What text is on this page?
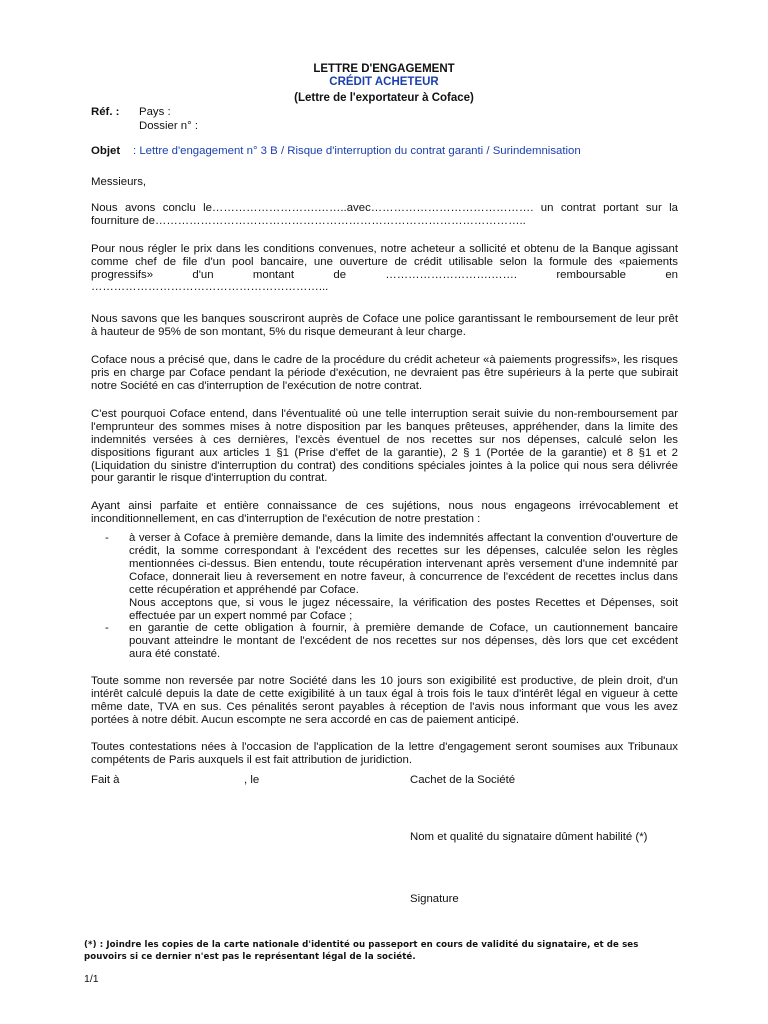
LETTRE D'ENGAGEMENT
CRÉDIT ACHETEUR
(Lettre de l'exportateur à Coface)
Réf. : Pays :
Dossier n° :
Objet : Lettre d'engagement n° 3 B / Risque d'interruption du contrat garanti / Surindemnisation

Messieurs,

Nous avons conclu le……………………….……..avec……………………………………. un contrat portant sur la fourniture de……………………………………………………………………………………..

Pour nous régler le prix dans les conditions convenues, notre acheteur a sollicité et obtenu de la Banque agissant comme chef de file d'un pool bancaire, une ouverture de crédit utilisable selon la formule des «paiements progressifs» d'un montant de ……………………….……. remboursable en ……………………………………………………...

Nous savons que les banques souscriront auprès de Coface une police garantissant le remboursement de leur prêt à hauteur de 95% de son montant, 5% du risque demeurant à leur charge.

Coface nous a précisé que, dans le cadre de la procédure du crédit acheteur «à paiements progressifs», les risques pris en charge par Coface pendant la période d'exécution, ne devraient pas être supérieurs à la perte que subirait notre Société en cas d'interruption de l'exécution de notre contrat.

C'est pourquoi Coface entend, dans l'éventualité où une telle interruption serait suivie du non-remboursement par l'emprunteur des sommes mises à notre disposition par les banques prêteuses, appréhender, dans la limite des indemnités versées à ces dernières, l'excès éventuel de nos recettes sur nos dépenses, calculé selon les dispositions figurant aux articles 1 §1 (Prise d'effet de la garantie), 2 § 1 (Portée de la garantie) et 8 §1 et 2 (Liquidation du sinistre d'interruption du contrat) des conditions spéciales jointes à la police qui nous sera délivrée pour garantir le risque d'interruption du contrat.

Ayant ainsi parfaite et entière connaissance de ces sujétions, nous nous engageons irrévocablement et inconditionnellement, en cas d'interruption de l'exécution de notre prestation :

- à verser à Coface à première demande, dans la limite des indemnités affectant la convention d'ouverture de crédit, la somme correspondant à l'excédent des recettes sur les dépenses, calculée selon les règles mentionnées ci-dessus. Bien entendu, toute récupération intervenant après versement d'une indemnité par Coface, donnerait lieu à reversement en notre faveur, à concurrence de l'excédent de recettes inclus dans cette récupération et appréhendé par Coface.
Nous acceptons que, si vous le jugez nécessaire, la vérification des postes Recettes et Dépenses, soit effectuée par un expert nommé par Coface ;
- en garantie de cette obligation à fournir, à première demande de Coface, un cautionnement bancaire pouvant atteindre le montant de l'excédent de nos recettes sur nos dépenses, dès lors que cet excédent aura été constaté.

Toute somme non reversée par notre Société dans les 10 jours son exigibilité est productive, de plein droit, d'un intérêt calculé depuis la date de cette exigibilité à un taux égal à trois fois le taux d'intérêt légal en vigueur à cette même date, TVA en sus. Ces pénalités seront payables à réception de l'avis nous informant que vous les avez portées à notre débit. Aucun escompte ne sera accordé en cas de paiement anticipé.

Toutes contestations nées à l'occasion de l'application de la lettre d'engagement seront soumises aux Tribunaux compétents de Paris auxquels il est fait attribution de juridiction.

Fait à	, le	Cachet de la Société
Nom et qualité du signataire dûment habilité (*)
Signature
(*) : Joindre les copies de la carte nationale d'identité ou passeport en cours de validité du signataire, et de ses pouvoirs si ce dernier n'est pas le représentant légal de la société.
1/1
